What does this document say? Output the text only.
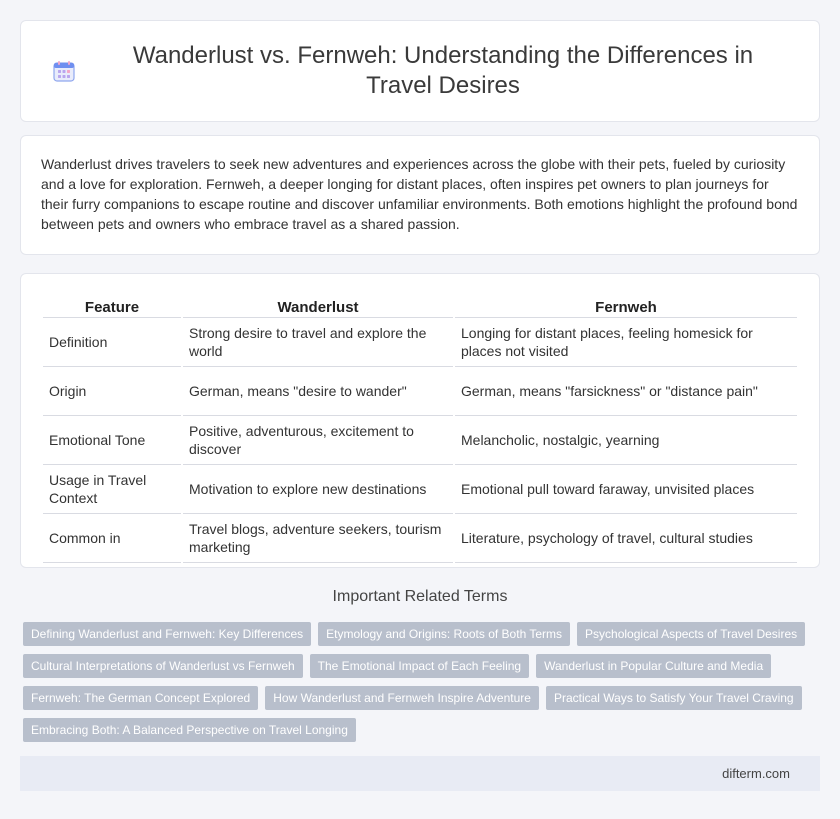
Wanderlust vs. Fernweh: Understanding the Differences in Travel Desires

Wanderlust drives travelers to seek new adventures and experiences across the globe with their pets, fueled by curiosity and a love for exploration. Fernweh, a deeper longing for distant places, often inspires pet owners to plan journeys for their furry companions to escape routine and discover unfamiliar environments. Both emotions highlight the profound bond between pets and owners who embrace travel as a shared passion.

Feature	Wanderlust	Fernweh
Definition	Strong desire to travel and explore the world	Longing for distant places, feeling homesick for places not visited
Origin	German, means "desire to wander"	German, means "farsickness" or "distance pain"
Emotional Tone	Positive, adventurous, excitement to discover	Melancholic, nostalgic, yearning
Usage in Travel Context	Motivation to explore new destinations	Emotional pull toward faraway, unvisited places
Common in	Travel blogs, adventure seekers, tourism marketing	Literature, psychology of travel, cultural studies
Important Related Terms
Defining Wanderlust and Fernweh: Key Differences	Etymology and Origins: Roots of Both Terms	Psychological Aspects of Travel Desires
Cultural Interpretations of Wanderlust vs Fernweh	The Emotional Impact of Each Feeling	Wanderlust in Popular Culture and Media
Fernweh: The German Concept Explored	How Wanderlust and Fernweh Inspire Adventure	Practical Ways to Satisfy Your Travel Craving
Embracing Both: A Balanced Perspective on Travel Longing
difterm.com
